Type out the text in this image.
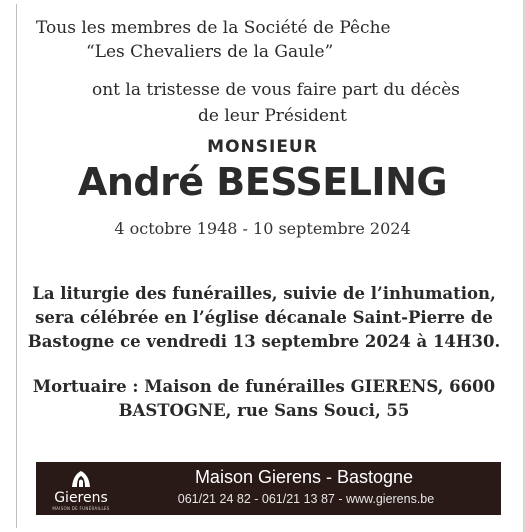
Tous les membres de la Société de Pêche
“Les Chevaliers de la Gaule”
ont la tristesse de vous faire part du décès
de leur Président
MONSIEUR
André BESSELING
4 octobre 1948 - 10 septembre 2024
La liturgie des funérailles, suivie de l’inhumation,
sera célébrée en l’église décanale Saint-Pierre de
Bastogne ce vendredi 13 septembre 2024 à 14H30.
Mortuaire : Maison de funérailles GIERENS, 6600
BASTOGNE, rue Sans Souci, 55
Gierens
MAISON DE FUNÉRAILLES
Maison Gierens - Bastogne
061/21 24 82 - 061/21 13 87 - www.gierens.be
